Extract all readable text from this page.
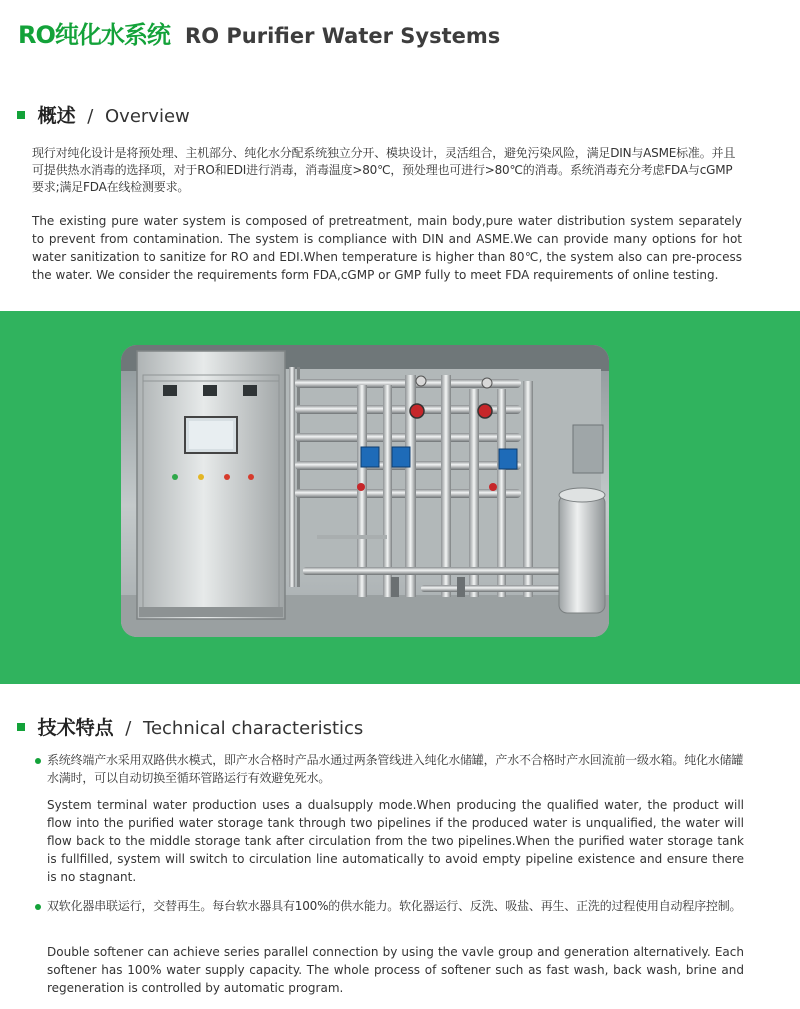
RO纯化水系统 RO Purifier Water Systems
概述 / Overview

现行对纯化设计是将预处理、主机部分、纯化水分配系统独立分开、模块设计，灵活组合，避免污染风险，满足DIN与ASME标准。并且可提供热水消毒的选择项，对于RO和EDI进行消毒，消毒温度>80℃，预处理也可进行>80℃的消毒。系统消毒充分考虑FDA与cGMP要求;满足FDA在线检测要求。

The existing pure water system is composed of pretreatment, main body,pure water distribution system separately to prevent from contamination. The system is compliance with DIN and ASME.We can provide many options for hot water sanitization to sanitize for RO and EDI.When temperature is higher than 80℃, the system also can pre-process the water. We consider the requirements form FDA,cGMP or GMP fully to meet FDA requirements of online testing.

技术特点 / Technical characteristics

系统终端产水采用双路供水模式，即产水合格时产品水通过两条管线进入纯化水储罐，产水不合格时产水回流前一级水箱。纯化水储罐水满时，可以自动切换至循环管路运行有效避免死水。

System terminal water production uses a dualsupply mode.When producing the qualified water, the product will flow into the purified water storage tank through two pipelines if the produced water is unqualified, the water will flow back to the middle storage tank after circulation from the two pipelines.When the purified water storage tank is fullfilled, system will switch to circulation line automatically to avoid empty pipeline existence and ensure there is no stagnant.

双软化器串联运行，交替再生。每台软水器具有100%的供水能力。软化器运行、反洗、吸盐、再生、正洗的过程使用自动程序控制。

Double softener can achieve series parallel connection by using the vavle group and generation alternatively. Each softener has 100% water supply capacity. The whole process of softener such as fast wash, back wash, brine and regeneration is controlled by automatic program.
